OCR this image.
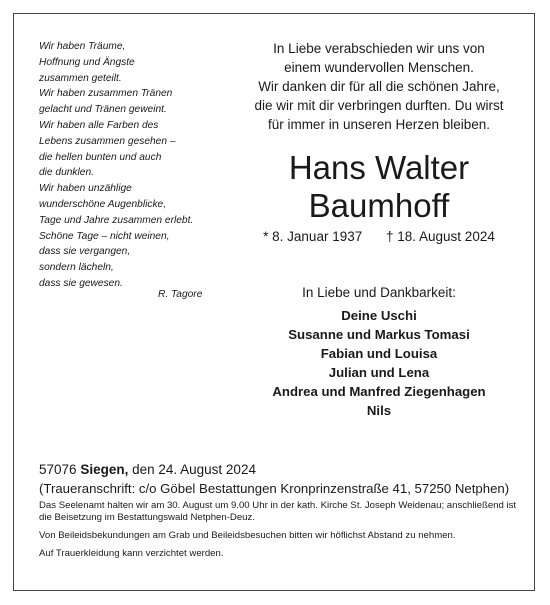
Wir haben Träume,
Hoffnung und Ängste
zusammen geteilt.
Wir haben zusammen Tränen
gelacht und Tränen geweint.
Wir haben alle Farben des
Lebens zusammen gesehen –
die hellen bunten und auch
die dunklen.
Wir haben unzählige
wunderschöne Augenblicke,
Tage und Jahre zusammen erlebt.
Schöne Tage – nicht weinen,
dass sie vergangen,
sondern lächeln,
dass sie gewesen.
R. Tagore
In Liebe verabschieden wir uns von
einem wundervollen Menschen.
Wir danken dir für all die schönen Jahre,
die wir mit dir verbringen durften. Du wirst
für immer in unseren Herzen bleiben.
Hans Walter
Baumhoff
* 8. Januar 1937 † 18. August 2024
In Liebe und Dankbarkeit:
Deine Uschi
Susanne und Markus Tomasi
Fabian und Louisa
Julian und Lena
Andrea und Manfred Ziegenhagen
Nils
57076 Siegen, den 24. August 2024
(Traueranschrift: c/o Göbel Bestattungen Kronprinzenstraße 41, 57250 Netphen)

Das Seelenamt halten wir am 30. August um 9.00 Uhr in der kath. Kirche St. Joseph Weidenau; anschließend ist die Beisetzung im Bestattungswald Netphen-Deuz.

Von Beileidsbekundungen am Grab und Beileidsbesuchen bitten wir höflichst Abstand zu nehmen.

Auf Trauerkleidung kann verzichtet werden.
